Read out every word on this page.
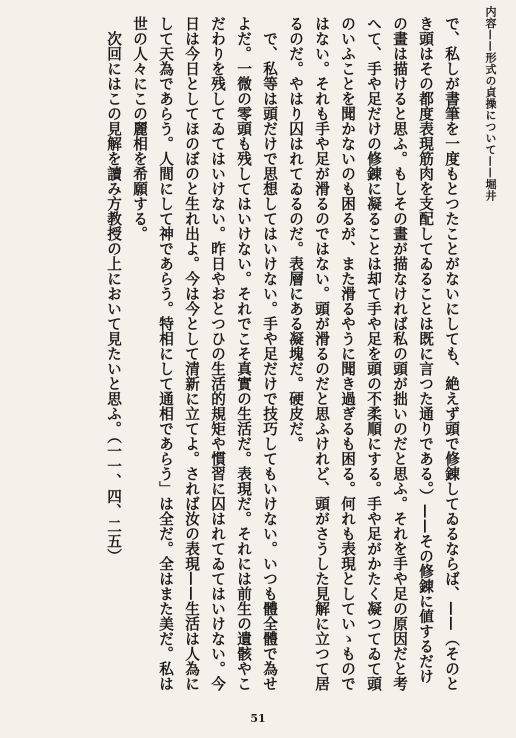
内容——形式の貞操について——堀井

で、私しが書筆を一度もとつたことがないにしても、絶えず頭で修錬してゐるならば、——（そのとき頭はその都度表現筋肉を支配してゐることは既に言つた通りである。）——その修錬に値するだけの畫は描けると思ふ。もしその畫が描なければ私の頭が拙いのだと思ふ。それを手や足の原因だと考へて、手や足だけの修錬に凝ることは却て手や足を頭の不柔順にする。手や足がかたく凝つてゐて頭のいふことを聞かないのも困るが、また滑るやうに聞き過ぎるも困る。何れも表現としていゝものではない。それも手や足が滑るのではない。頭が滑るのだと思ふけれど、頭がさうした見解に立つて居るのだ。やはり囚はれてゐるのだ。表層にある凝塊だ。硬皮だ。

で、私等は頭だけで思想してはいけない。手や足だけで技巧してもいけない。いつも體全體で為せよだ。一微の零頭も残してはいけない。それでこそ真實の生活だ。表現だ。それには前生の遺骸やこだわりを残してゐてはいけない。昨日やおとつひの生活的規矩や慣習に囚はれてゐてはいけない。今日は今日としてほのぼのと生れ出よ。今は今として清新に立てよ。されば汝の表現——生活は人為にして天為であらう。人間にして神であらう。特相にして通相であらう」は全だ。全はまた美だ。私は世の人々にこの麗相を希願する。

次回にはこの見解を讀み方教授の上において見たいと思ふ。（一一、四、二五）

51
